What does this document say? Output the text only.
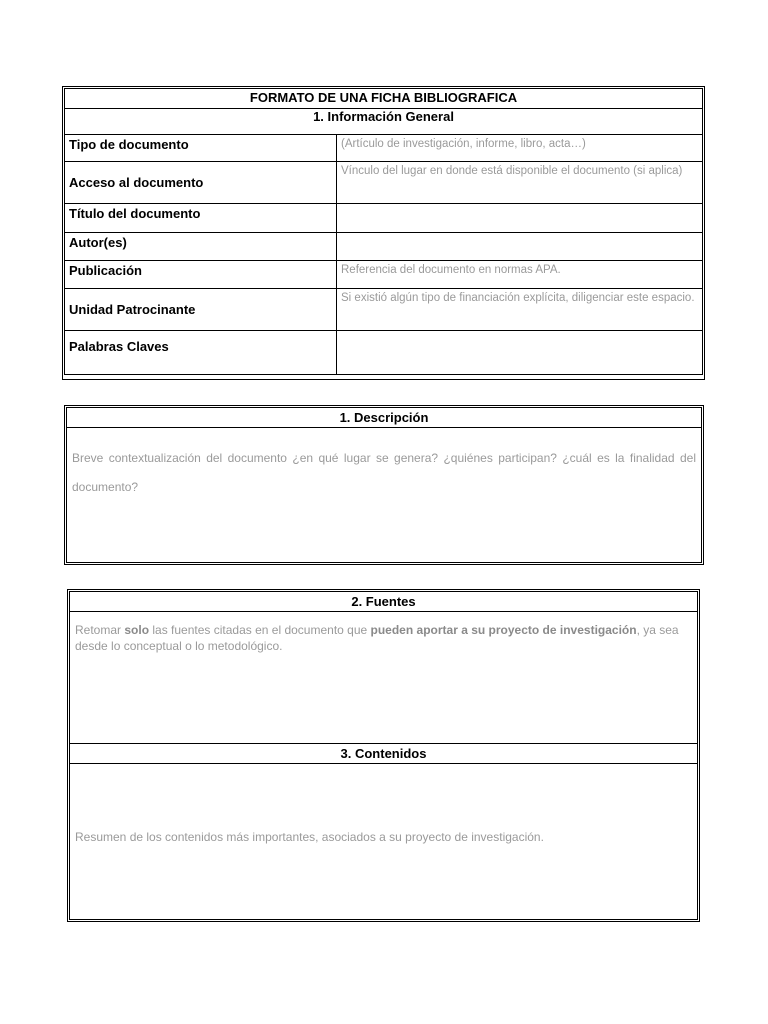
FORMATO DE UNA FICHA BIBLIOGRAFICA	
1. Información General	
Tipo de documento	(Artículo de investigación, informe, libro, acta…)
Acceso al documento	Vínculo del lugar en donde está disponible el documento (si aplica)
Título del documento	
Autor(es)	
Publicación	Referencia del documento en normas APA.
Unidad Patrocinante	Si existió algún tipo de financiación explícita, diligenciar este espacio.
Palabras Claves	
1. Descripción
Breve contextualización del documento ¿en qué lugar se genera? ¿quiénes participan? ¿cuál es la finalidad del documento?
2. Fuentes
Retomar solo las fuentes citadas en el documento que pueden aportar a su proyecto de investigación, ya sea desde lo conceptual o lo metodológico.
3. Contenidos
Resumen de los contenidos más importantes, asociados a su proyecto de investigación.
